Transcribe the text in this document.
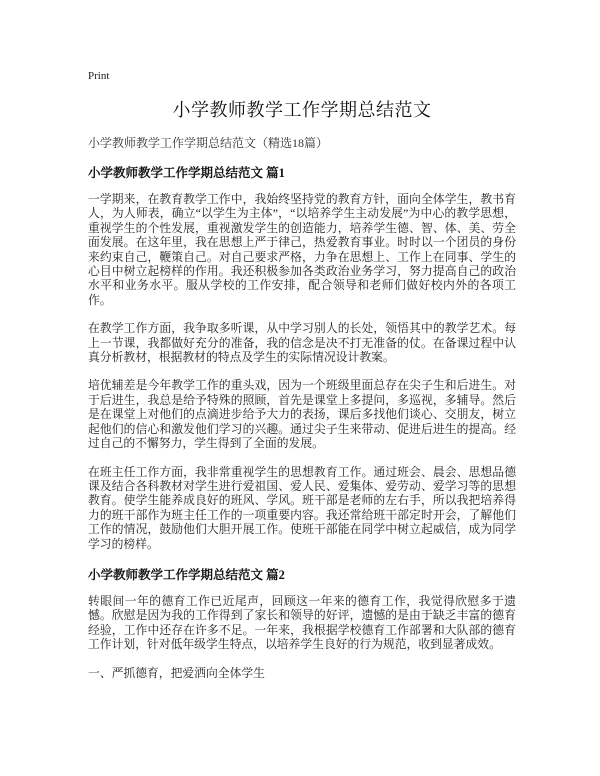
Print
小学教师教学工作学期总结范文
小学教师教学工作学期总结范文（精选18篇）
小学教师教学工作学期总结范文 篇1

一学期来，在教育教学工作中，我始终坚持党的教育方针，面向全体学生，教书育人，为人师表，确立“以学生为主体”，“以培养学生主动发展”为中心的教学思想，重视学生的个性发展，重视激发学生的创造能力，培养学生德、智、体、美、劳全面发展。在这年里，我在思想上严于律己，热爱教育事业。时时以一个团员的身份来约束自己，鞭策自己。对自己要求严格，力争在思想上、工作上在同事、学生的心目中树立起榜样的作用。我还积极参加各类政治业务学习，努力提高自己的政治水平和业务水平。服从学校的工作安排，配合领导和老师们做好校内外的各项工作。

在教学工作方面，我争取多听课，从中学习别人的长处，领悟其中的教学艺术。每上一节课，我都做好充分的准备，我的信念是决不打无准备的仗。在备课过程中认真分析教材，根据教材的特点及学生的实际情况设计教案。

培优辅差是今年教学工作的重头戏，因为一个班级里面总存在尖子生和后进生。对于后进生，我总是给予特殊的照顾，首先是课堂上多提问，多巡视，多辅导。然后是在课堂上对他们的点滴进步给予大力的表扬，课后多找他们谈心、交朋友，树立起他们的信心和激发他们学习的兴趣。通过尖子生来带动、促进后进生的提高。经过自己的不懈努力，学生得到了全面的发展。

在班主任工作方面，我非常重视学生的思想教育工作。通过班会、晨会、思想品德课及结合各科教材对学生进行爱祖国、爱人民、爱集体、爱劳动、爱学习等的思想教育。使学生能养成良好的班风、学风。班干部是老师的左右手，所以我把培养得力的班干部作为班主任工作的一项重要内容。我还常给班干部定时开会，了解他们工作的情况，鼓励他们大胆开展工作。使班干部能在同学中树立起威信，成为同学学习的榜样。

小学教师教学工作学期总结范文 篇2

转眼间一年的德育工作已近尾声，回顾这一年来的德育工作，我觉得欣慰多于遗憾。欣慰是因为我的工作得到了家长和领导的好评，遗憾的是由于缺乏丰富的德育经验，工作中还存在许多不足。一年来，我根据学校德育工作部署和大队部的德育工作计划，针对低年级学生特点，以培养学生良好的行为规范，收到显著成效。

一、严抓德育，把爱洒向全体学生
